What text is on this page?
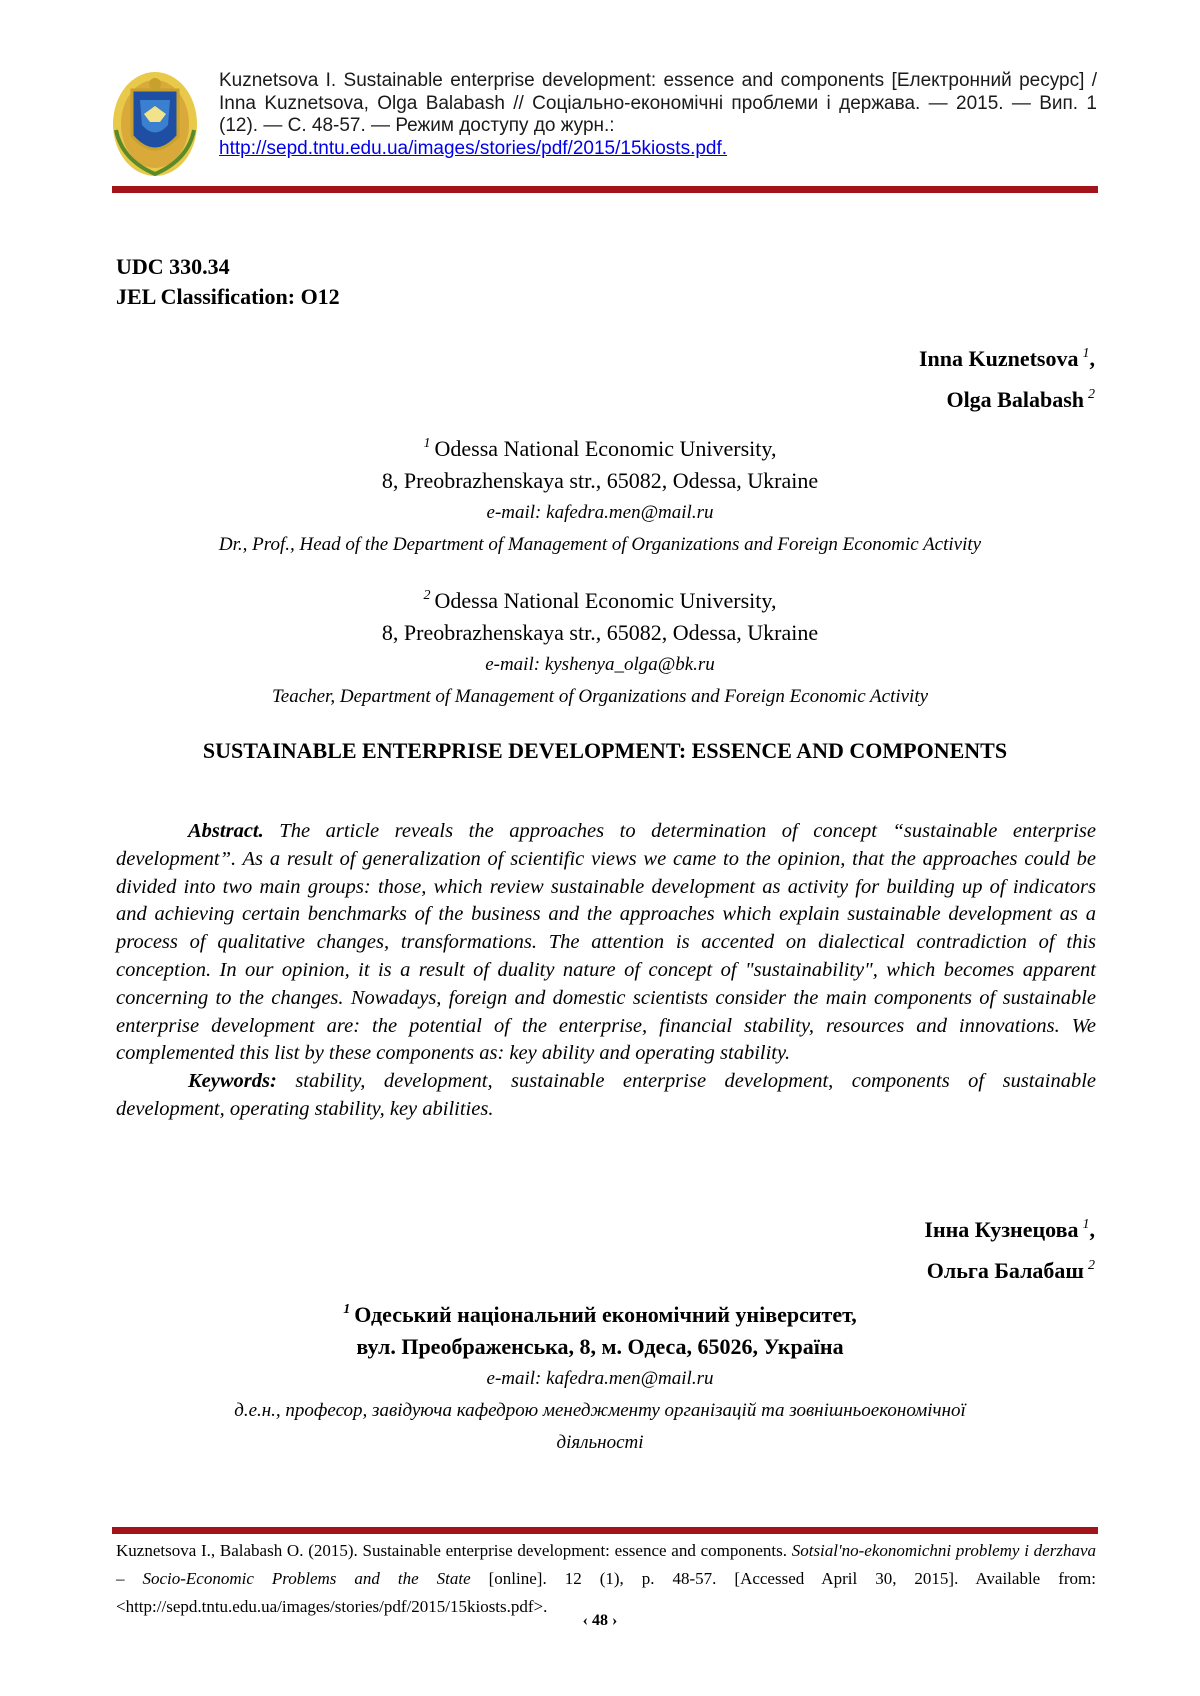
Kuznetsova I. Sustainable enterprise development: essence and components [Електронний ресурс] / Inna Kuznetsova, Olga Balabash // Соціально-економічні проблеми і держава. — 2015. — Вип. 1 (12). — С. 48-57. — Режим доступу до журн.:
http://sepd.tntu.edu.ua/images/stories/pdf/2015/15kiosts.pdf.
UDC 330.34
JEL Classification: O12
Inna Kuznetsova $^1$,
Olga Balabash $^2$
$^1$ Odessa National Economic University,
8, Preobrazhenskaya str., 65082, Odessa, Ukraine
e-mail: kafedra.men@mail.ru
Dr., Prof., Head of the Department of Management of Organizations and Foreign Economic Activity
$^2$ Odessa National Economic University,
8, Preobrazhenskaya str., 65082, Odessa, Ukraine
e-mail: kyshenya_olga@bk.ru
Teacher, Department of Management of Organizations and Foreign Economic Activity
SUSTAINABLE ENTERPRISE DEVELOPMENT: ESSENCE AND COMPONENTS

Abstract. The article reveals the approaches to determination of concept “sustainable enterprise development”. As a result of generalization of scientific views we came to the opinion, that the approaches could be divided into two main groups: those, which review sustainable development as activity for building up of indicators and achieving certain benchmarks of the business and the approaches which explain sustainable development as a process of qualitative changes, transformations. The attention is accented on dialectical contradiction of this conception. In our opinion, it is a result of duality nature of concept of "sustainability", which becomes apparent concerning to the changes. Nowadays, foreign and domestic scientists consider the main components of sustainable enterprise development are: the potential of the enterprise, financial stability, resources and innovations. We complemented this list by these components as: key ability and operating stability.

Keywords: stability, development, sustainable enterprise development, components of sustainable development, operating stability, key abilities.

Інна Кузнецова $^1$,
Ольга Балабаш $^2$
$^1$ Одеський національний економічний університет,
вул. Преображенська, 8, м. Одеса, 65026, Україна
e-mail: kafedra.men@mail.ru
д.е.н., професор, завідуюча кафедрою менеджменту організацій та зовнішньоекономічної
діяльності
Kuznetsova I., Balabash O. (2015). Sustainable enterprise development: essence and components. Sotsial'no-ekonomichni problemy i derzhava – Socio-Economic Problems and the State [online]. 12 (1), p. 48-57. [Accessed April 30, 2015]. Available from: <http://sepd.tntu.edu.ua/images/stories/pdf/2015/15kiosts.pdf>.
‹ 48 ›
